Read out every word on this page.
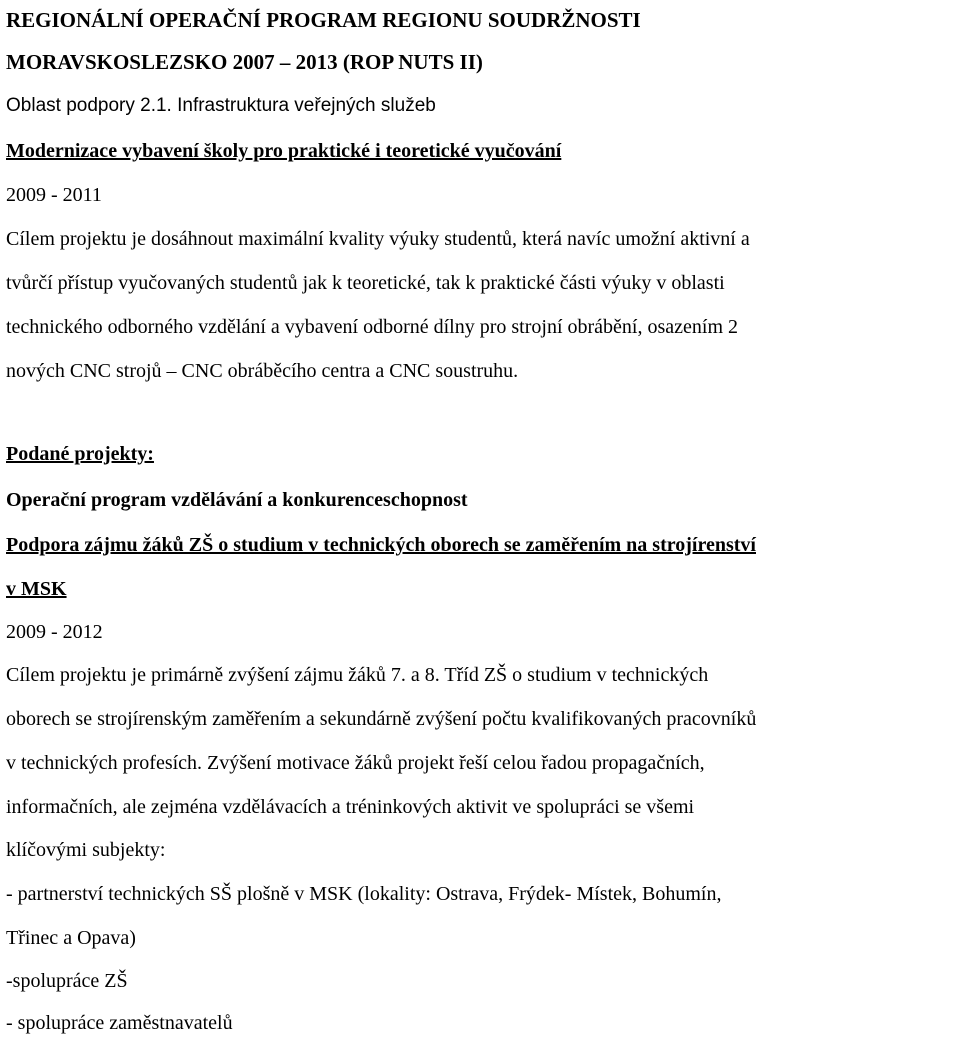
REGIONÁLNÍ OPERAČNÍ PROGRAM REGIONU SOUDRŽNOSTI
MORAVSKOSLEZSKO 2007 – 2013 (ROP NUTS II)
Oblast podpory 2.1. Infrastruktura veřejných služeb
Modernizace vybavení školy pro praktické i teoretické vyučování
2009 - 2011
Cílem projektu je dosáhnout maximální kvality výuky studentů, která navíc umožní aktivní a
tvůrčí přístup vyučovaných studentů jak k teoretické, tak k praktické části výuky v oblasti
technického odborného vzdělání a vybavení odborné dílny pro strojní obrábění, osazením 2
nových CNC strojů – CNC obráběcího centra a CNC soustruhu.
Podané projekty:
Operační program vzdělávání a konkurenceschopnost
Podpora zájmu žáků ZŠ o studium v technických oborech se zaměřením na strojírenství
v MSK
2009 - 2012
Cílem projektu je primárně zvýšení zájmu žáků 7. a 8. Tříd ZŠ o studium v technických
oborech se strojírenským zaměřením a sekundárně zvýšení počtu kvalifikovaných pracovníků
v technických profesích. Zvýšení motivace žáků projekt řeší celou řadou propagačních,
informačních, ale zejména vzdělávacích a tréninkových aktivit ve spolupráci se všemi
klíčovými subjekty:
- partnerství technických SŠ plošně v MSK (lokality: Ostrava, Frýdek- Místek, Bohumín,
Třinec a Opava)
-spolupráce ZŠ
- spolupráce zaměstnavatelů
